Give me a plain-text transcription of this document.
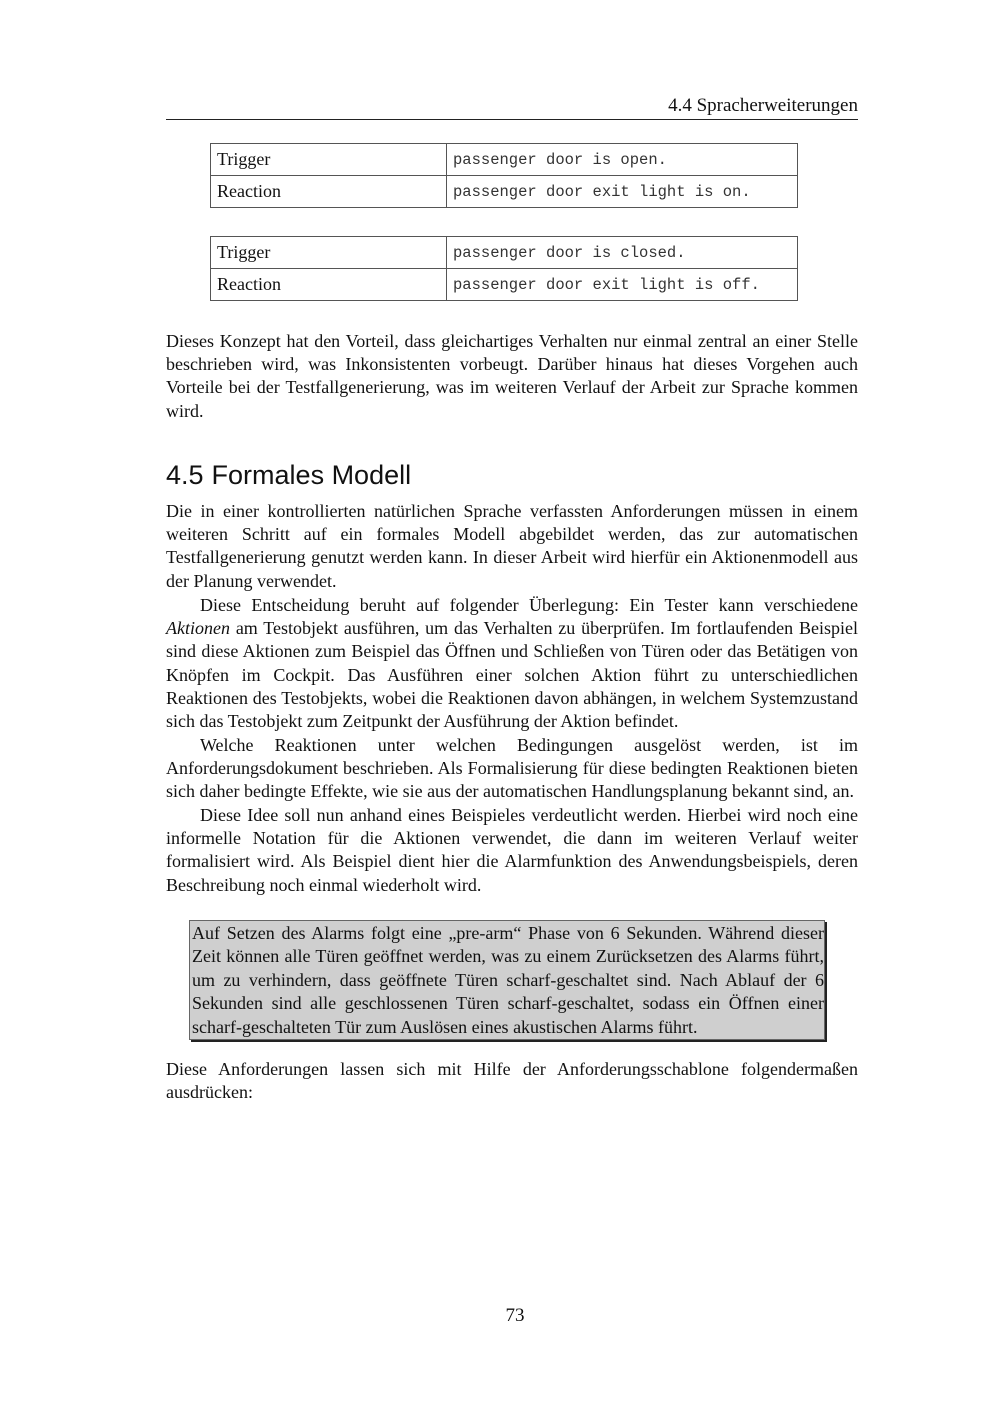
4.4 Spracherweiterungen
Trigger	passenger door is open.
Reaction	passenger door exit light is on.
Trigger	passenger door is closed.
Reaction	passenger door exit light is off.

Dieses Konzept hat den Vorteil, dass gleichartiges Verhalten nur einmal zentral an einer Stelle beschrieben wird, was Inkonsistenten vorbeugt. Darüber hinaus hat dieses Vorgehen auch Vorteile bei der Testfallgenerierung, was im weiteren Verlauf der Arbeit zur Sprache kommen wird.

4.5 Formales Modell

Die in einer kontrollierten natürlichen Sprache verfassten Anforderungen müssen in einem weiteren Schritt auf ein formales Modell abgebildet werden, das zur automatischen Testfallgenerierung genutzt werden kann. In dieser Arbeit wird hierfür ein Aktionenmodell aus der Planung verwendet.

Diese Entscheidung beruht auf folgender Überlegung: Ein Tester kann verschiedene Aktionen am Testobjekt ausführen, um das Verhalten zu überprüfen. Im fortlaufenden Beispiel sind diese Aktionen zum Beispiel das Öffnen und Schließen von Türen oder das Betätigen von Knöpfen im Cockpit. Das Ausführen einer solchen Aktion führt zu unterschiedlichen Reaktionen des Testobjekts, wobei die Reaktionen davon abhängen, in welchem Systemzustand sich das Testobjekt zum Zeitpunkt der Ausführung der Aktion befindet.

Welche Reaktionen unter welchen Bedingungen ausgelöst werden, ist im Anforderungsdokument beschrieben. Als Formalisierung für diese bedingten Reaktionen bieten sich daher bedingte Effekte, wie sie aus der automatischen Handlungsplanung bekannt sind, an.

Diese Idee soll nun anhand eines Beispieles verdeutlicht werden. Hierbei wird noch eine informelle Notation für die Aktionen verwendet, die dann im weiteren Verlauf weiter formalisiert wird. Als Beispiel dient hier die Alarmfunktion des Anwendungsbeispiels, deren Beschreibung noch einmal wiederholt wird.

Auf Setzen des Alarms folgt eine „pre-arm“ Phase von 6 Sekunden. Während dieser Zeit können alle Türen geöffnet werden, was zu einem Zurücksetzen des Alarms führt, um zu verhindern, dass geöffnete Türen scharf-geschaltet sind. Nach Ablauf der 6 Sekunden sind alle geschlossenen Türen scharf-geschaltet, sodass ein Öffnen einer scharf-geschalteten Tür zum Auslösen eines akustischen Alarms führt.

Diese Anforderungen lassen sich mit Hilfe der Anforderungsschablone folgendermaßen ausdrücken:

73
